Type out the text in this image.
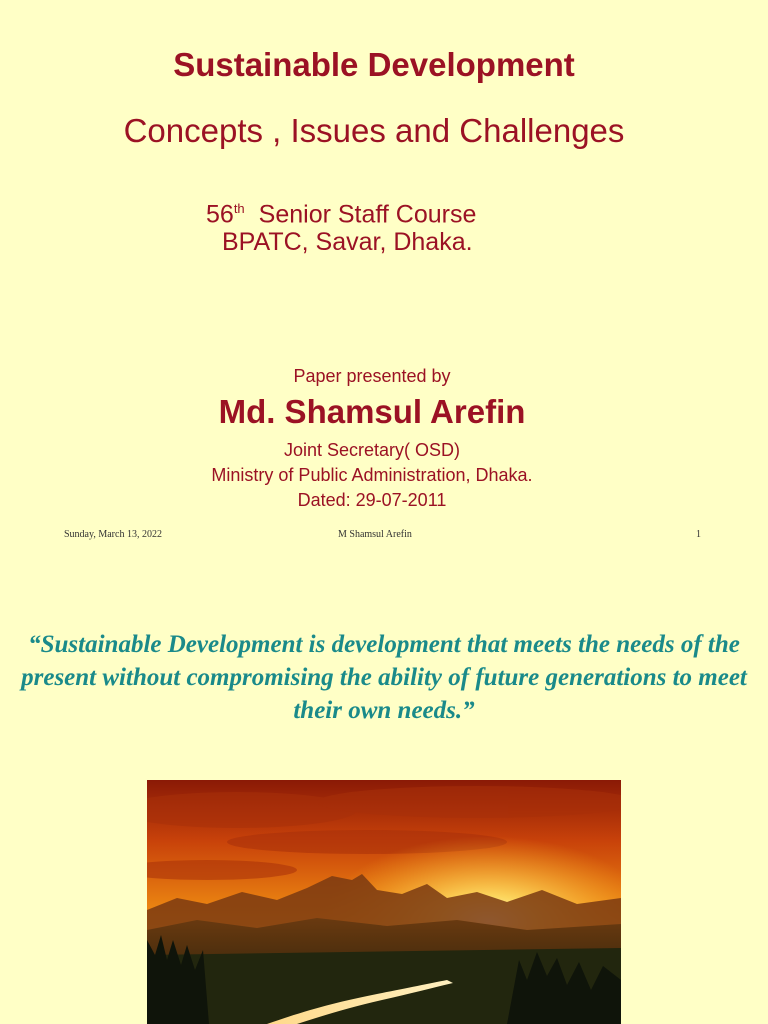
Sustainable Development
Concepts , Issues and Challenges
56th Senior Staff Course
BPATC, Savar, Dhaka.
Paper presented by
Md. Shamsul Arefin
Joint Secretary( OSD)
Ministry of Public Administration, Dhaka.
Dated: 29-07-2011
Sunday, March 13, 2022	M Shamsul Arefin	1
“Sustainable Development is development that meets the needs of the present without compromising the ability of future generations to meet their own needs.”
